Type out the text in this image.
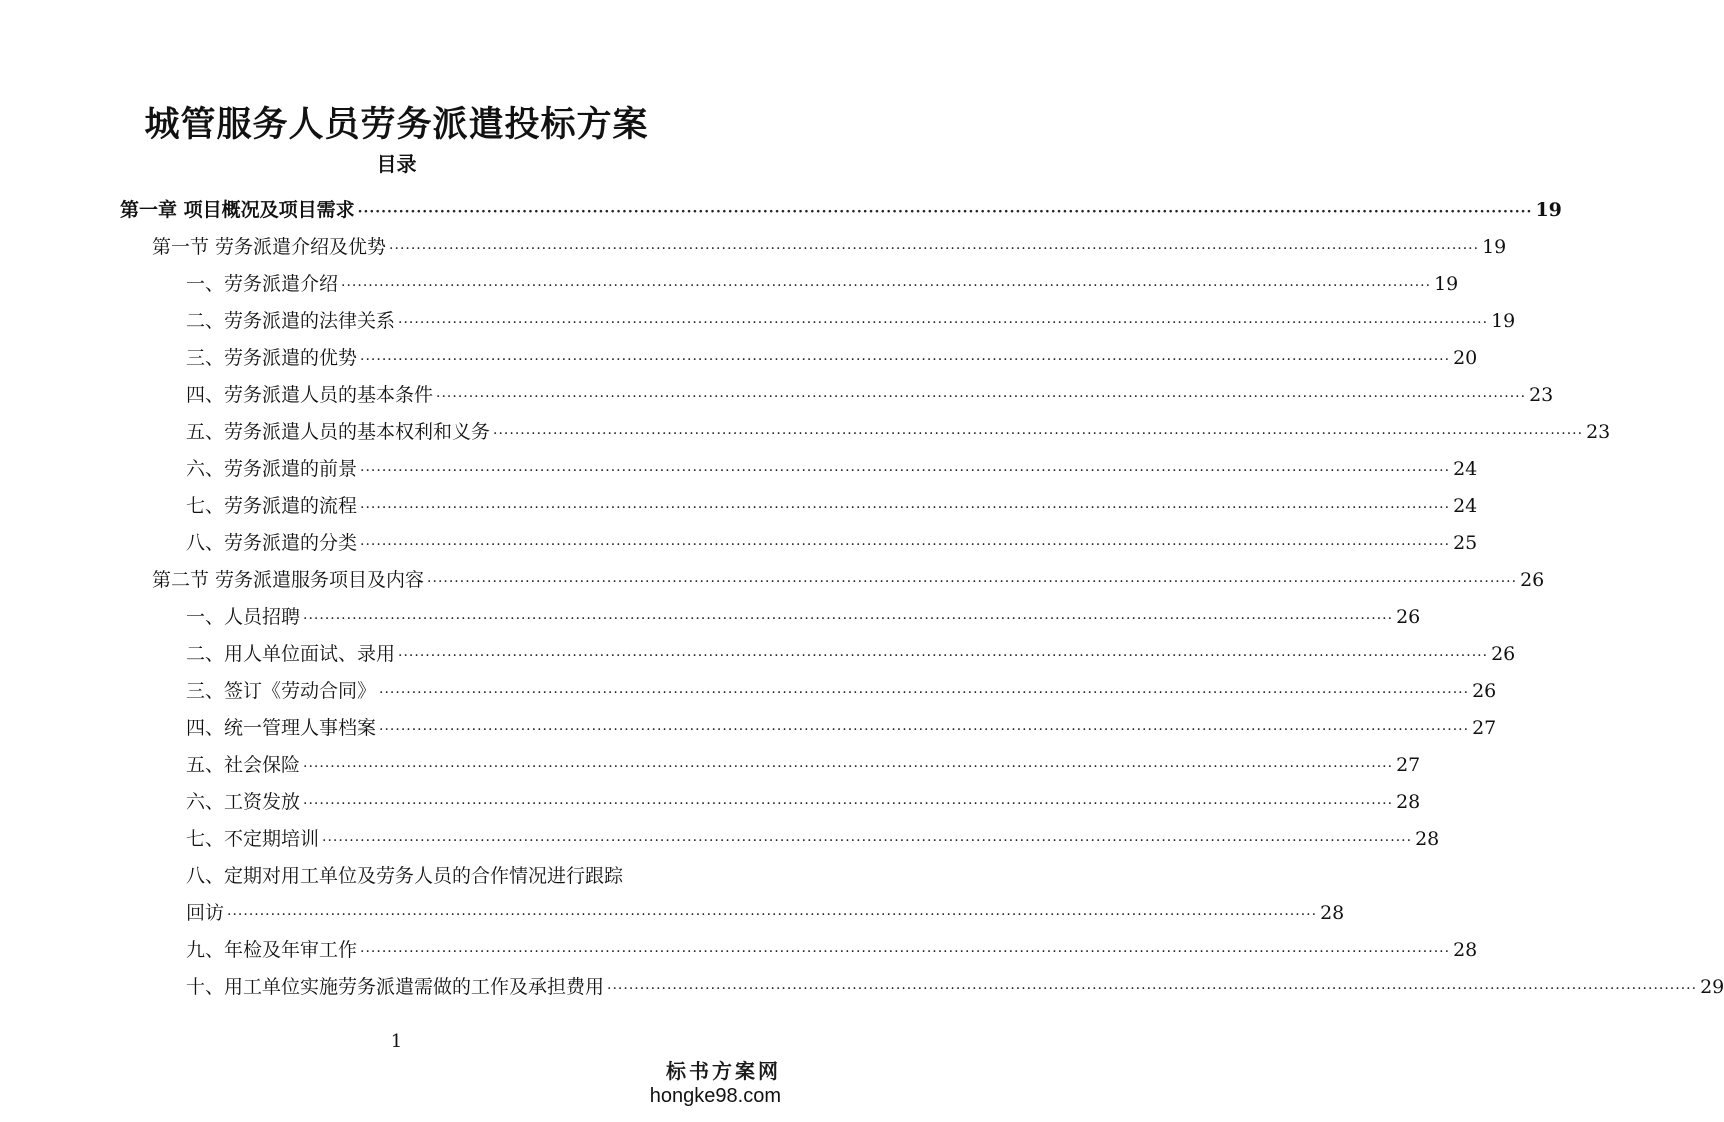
城管服务人员劳务派遣投标方案
目录
第一章 项目概况及项目需求 ········································································································································································································ 19
第一节 劳务派遣介绍及优势 ········································································································································································································ 19
一、劳务派遣介绍 ········································································································································································································ 19
二、劳务派遣的法律关系 ········································································································································································································ 19
三、劳务派遣的优势 ········································································································································································································ 20
四、劳务派遣人员的基本条件 ········································································································································································································ 23
五、劳务派遣人员的基本权利和义务 ········································································································································································································ 23
六、劳务派遣的前景 ········································································································································································································ 24
七、劳务派遣的流程 ········································································································································································································ 24
八、劳务派遣的分类 ········································································································································································································ 25
第二节 劳务派遣服务项目及内容 ········································································································································································································ 26
一、人员招聘 ········································································································································································································ 26
二、用人单位面试、录用 ········································································································································································································ 26
三、签订《劳动合同》 ········································································································································································································ 26
四、统一管理人事档案 ········································································································································································································ 27
五、社会保险 ········································································································································································································ 27
六、工资发放 ········································································································································································································ 28
七、不定期培训 ········································································································································································································ 28
八、定期对用工单位及劳务人员的合作情况进行跟踪
回访 ········································································································································································································ 28
九、年检及年审工作 ········································································································································································································ 28
十、用工单位实施劳务派遣需做的工作及承担费用 ········································································································································································································ 29
1
标书方案网
hongke98.com
